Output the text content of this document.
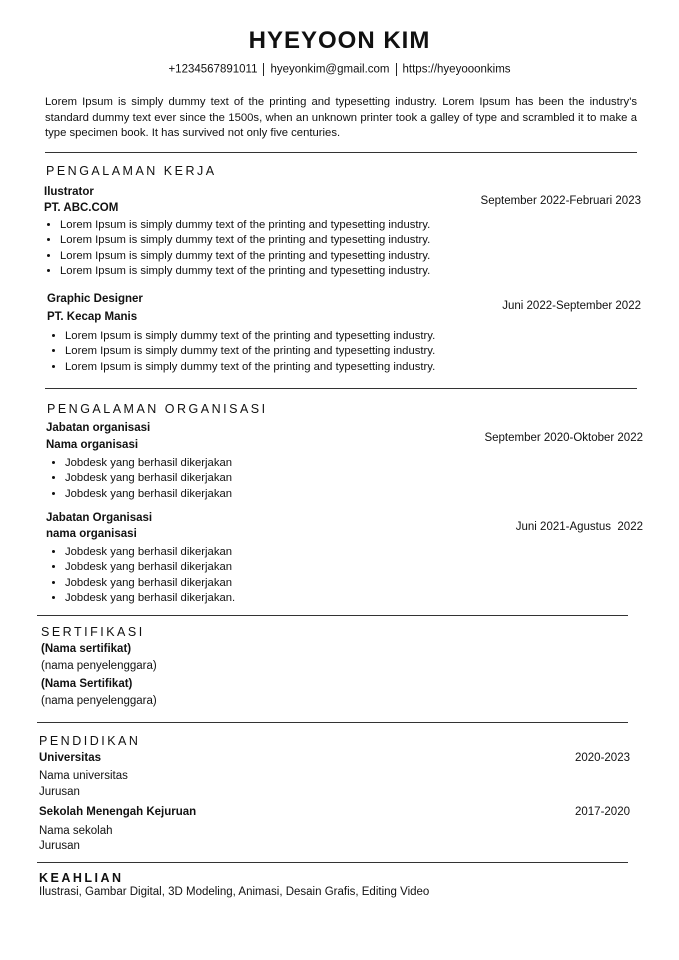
HYEYOON KIM
+1234567891011 hyeyonkim@gmail.com https://hyeyooonkims
Lorem Ipsum is simply dummy text of the printing and typesetting industry. Lorem Ipsum has been the industry's standard dummy text ever since the 1500s, when an unknown printer took a galley of type and scrambled it to make a type specimen book. It has survived not only five centuries.
PENGALAMAN KERJA
Ilustrator
PT. ABC.COM
September 2022-Februari 2023
• Lorem Ipsum is simply dummy text of the printing and typesetting industry.
• Lorem Ipsum is simply dummy text of the printing and typesetting industry.
• Lorem Ipsum is simply dummy text of the printing and typesetting industry.
• Lorem Ipsum is simply dummy text of the printing and typesetting industry.
Graphic Designer
PT. Kecap Manis
Juni 2022-September 2022
• Lorem Ipsum is simply dummy text of the printing and typesetting industry.
• Lorem Ipsum is simply dummy text of the printing and typesetting industry.
• Lorem Ipsum is simply dummy text of the printing and typesetting industry.
PENGALAMAN ORGANISASI
Jabatan organisasi
Nama organisasi
September 2020-Oktober 2022
• Jobdesk yang berhasil dikerjakan
• Jobdesk yang berhasil dikerjakan
• Jobdesk yang berhasil dikerjakan
Jabatan Organisasi
nama organisasi
Juni 2021-Agustus  2022
• Jobdesk yang berhasil dikerjakan
• Jobdesk yang berhasil dikerjakan
• Jobdesk yang berhasil dikerjakan
• Jobdesk yang berhasil dikerjakan.
SERTIFIKASI
(Nama sertifikat)
(nama penyelenggara)
(Nama Sertifikat)
(nama penyelenggara)
PENDIDIKAN
Universitas	2020-2023
Nama universitas
Jurusan
Sekolah Menengah Kejuruan	2017-2020
Nama sekolah
Jurusan
KEAHLIAN
Ilustrasi, Gambar Digital, 3D Modeling, Animasi, Desain Grafis, Editing Video
